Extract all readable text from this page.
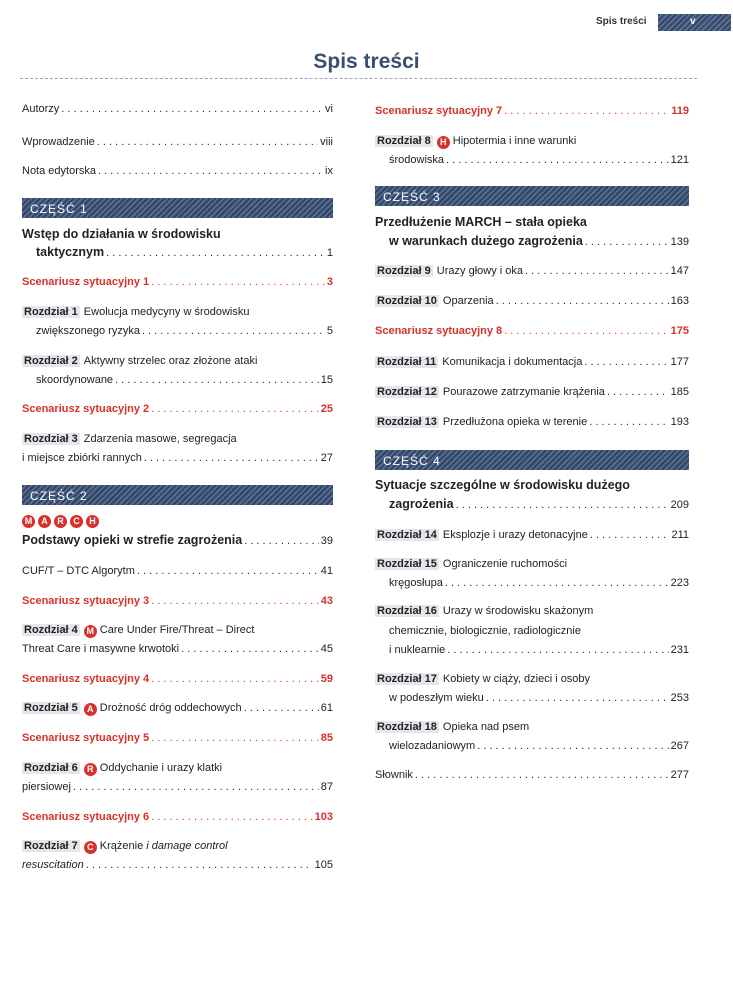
Spis treści	v
Spis treści
Autorzy . . .	vi
Wprowadzenie . . .	viii
Nota edytorska . . .	ix
CZĘŚĆ 1
Wstęp do działania w środowisku
taktycznym . . .	1
Scenariusz sytuacyjny 1 . . .	3
Rozdział 1 Ewolucja medycyny w środowisku
zwiększonego ryzyka . . .	5
Rozdział 2 Aktywny strzelec oraz złożone ataki
skoordynowane . . .	15
Scenariusz sytuacyjny 2 . . .	25
Rozdział 3 Zdarzenia masowe, segregacja
i miejsce zbiórki rannych . . .	27
CZĘŚĆ 2
M A R C H
Podstawy opieki w strefie zagrożenia . . .	39
CUF/T – DTC Algorytm . . .	41
Scenariusz sytuacyjny 3 . . .	43
Rozdział 4 M Care Under Fire/Threat – Direct
Threat Care i masywne krwotoki . . .	45
Scenariusz sytuacyjny 4 . . .	59
Rozdział 5 A Drożność dróg oddechowych . . .	61
Scenariusz sytuacyjny 5 . . .	85
Rozdział 6 R Oddychanie i urazy klatki
piersiowej . . .	87
Scenariusz sytuacyjny 6 . . .	103
Rozdział 7 C Krążenie i damage control
resuscitation . . .	105
Scenariusz sytuacyjny 7 . . .	119
Rozdział 8 H Hipotermia i inne warunki
środowiska . . .	121
CZĘŚĆ 3
Przedłużenie MARCH – stała opieka
w warunkach dużego zagrożenia . . .	139
Rozdział 9 Urazy głowy i oka . . .	147
Rozdział 10 Oparzenia . . .	163
Scenariusz sytuacyjny 8 . . .	175
Rozdział 11 Komunikacja i dokumentacja . . .	177
Rozdział 12 Pourazowe zatrzymanie krążenia . . .	185
Rozdział 13 Przedłużona opieka w terenie . . .	193
CZĘŚĆ 4
Sytuacje szczególne w środowisku dużego
zagrożenia . . .	209
Rozdział 14 Eksplozje i urazy detonacyjne . . .	211
Rozdział 15 Ograniczenie ruchomości
kręgosłupa . . .	223
Rozdział 16 Urazy w środowisku skażonym
chemicznie, biologicznie, radiologicznie
i nuklearnie . . .	231
Rozdział 17 Kobiety w ciąży, dzieci i osoby
w podeszłym wieku . . .	253
Rozdział 18 Opieka nad psem
wielozadaniowym . . .	267
Słownik . . .	277
